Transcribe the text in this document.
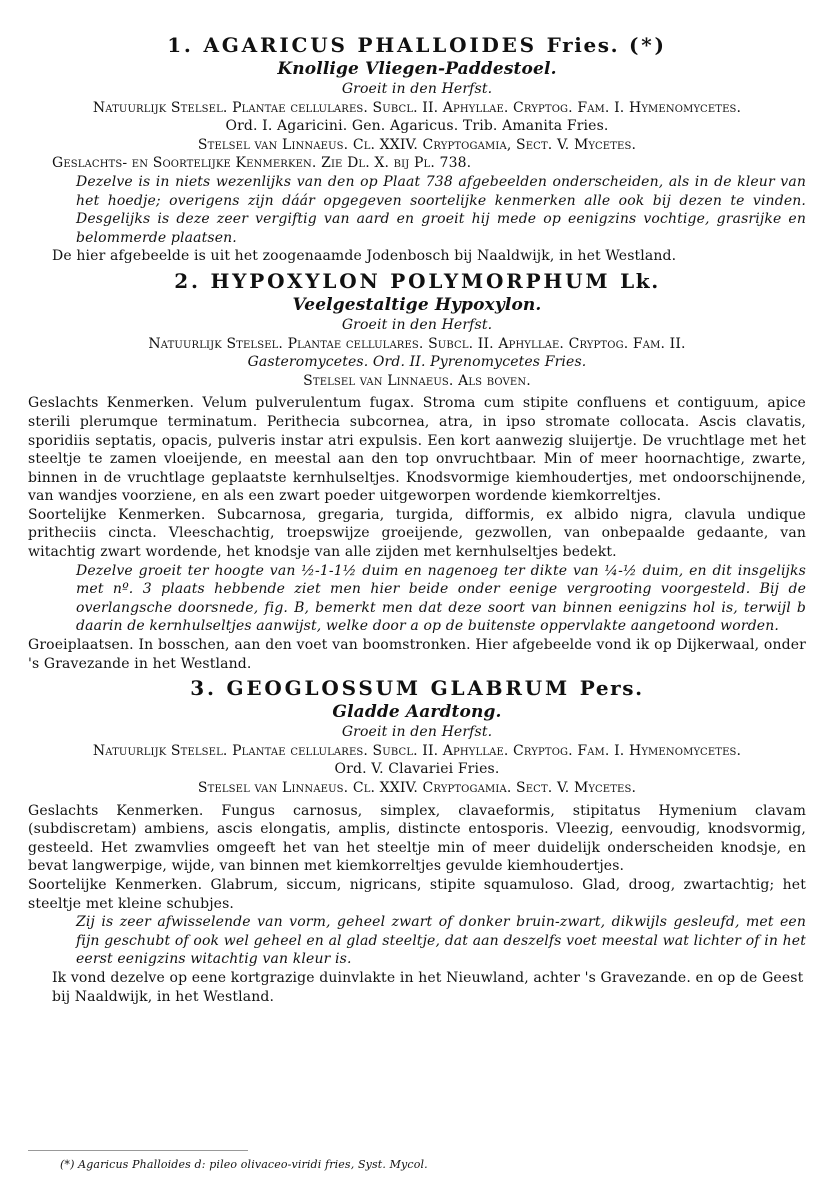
1. AGARICUS PHALLOIDES Fries. (*)
Knollige Vliegen-Paddestoel.
Groeit in den Herfst.
Natuurlijk Stelsel. Plantae cellulares. Subcl. II. Aphyllae. Cryptog. Fam. I. Hymenomycetes.
Ord. I. Agaricini. Gen. Agaricus. Trib. Amanita Fries.
Stelsel van Linnaeus. Cl. XXIV. Cryptogamia, Sect. V. Mycetes.
Geslachts- en Soortelijke Kenmerken. Zie Dl. X. bij Pl. 738.
Dezelve is in niets wezenlijks van den op Plaat 738 afgebeelden onderscheiden, als in de kleur van het hoedje; overigens zijn dáár opgegeven soortelijke kenmerken alle ook bij dezen te vinden. Desgelijks is deze zeer vergiftig van aard en groeit hij mede op eenigzins vochtige, grasrijke en belommerde plaatsen.
De hier afgebeelde is uit het zoogenaamde Jodenbosch bij Naaldwijk, in het Westland.
2. HYPOXYLON POLYMORPHUM Lk.
Veelgestaltige Hypoxylon.
Groeit in den Herfst.
Natuurlijk Stelsel. Plantae cellulares. Subcl. II. Aphyllae. Cryptog. Fam. II.
Gasteromycetes. Ord. II. Pyrenomycetes Fries.
Stelsel van Linnaeus. Als boven.
Geslachts Kenmerken. Velum pulverulentum fugax. Stroma cum stipite confluens et contiguum, apice sterili plerumque terminatum. Perithecia subcornea, atra, in ipso stromate collocata. Ascis clavatis, sporidiis septatis, opacis, pulveris instar atri expulsis. Een kort aanwezig sluijertje. De vruchtlage met het steeltje te zamen vloeijende, en meestal aan den top onvruchtbaar. Min of meer hoornachtige, zwarte, binnen in de vruchtlage geplaatste kernhulseltjes. Knodsvormige kiemhoudertjes, met ondoorschijnende, van wandjes voorziene, en als een zwart poeder uitgeworpen wordende kiemkorreltjes.
Soortelijke Kenmerken. Subcarnosa, gregaria, turgida, difformis, ex albido nigra, clavula undique pritheciis cincta. Vleeschachtig, troepswijze groeijende, gezwollen, van onbepaalde gedaante, van witachtig zwart wordende, het knodsje van alle zijden met kernhulseltjes bedekt.
Dezelve groeit ter hoogte van ½-1-1½ duim en nagenoeg ter dikte van ¼-½ duim, en dit insgelijks met nº. 3 plaats hebbende ziet men hier beide onder eenige vergrooting voorgesteld. Bij de overlangsche doorsnede, fig. B, bemerkt men dat deze soort van binnen eenigzins hol is, terwijl b daarin de kernhulseltjes aanwijst, welke door a op de buitenste oppervlakte aangetoond worden.
Groeiplaatsen. In bosschen, aan den voet van boomstronken. Hier afgebeelde vond ik op Dijkerwaal, onder 's Gravezande in het Westland.
3. GEOGLOSSUM GLABRUM Pers.
Gladde Aardtong.
Groeit in den Herfst.
Natuurlijk Stelsel. Plantae cellulares. Subcl. II. Aphyllae. Cryptog. Fam. I. Hymenomycetes.
Ord. V. Clavariei Fries.
Stelsel van Linnaeus. Cl. XXIV. Cryptogamia. Sect. V. Mycetes.
Geslachts Kenmerken. Fungus carnosus, simplex, clavaeformis, stipitatus Hymenium clavam (subdiscretam) ambiens, ascis elongatis, amplis, distincte entosporis. Vleezig, eenvoudig, knodsvormig, gesteeld. Het zwamvlies omgeeft het van het steeltje min of meer duidelijk onderscheiden knodsje, en bevat langwerpige, wijde, van binnen met kiemkorreltjes gevulde kiemhoudertjes.
Soortelijke Kenmerken. Glabrum, siccum, nigricans, stipite squamuloso. Glad, droog, zwartachtig; het steeltje met kleine schubjes.
Zij is zeer afwisselende van vorm, geheel zwart of donker bruin-zwart, dikwijls gesleufd, met een fijn geschubt of ook wel geheel en al glad steeltje, dat aan deszelfs voet meestal wat lichter of in het eerst eenigzins witachtig van kleur is.
Ik vond dezelve op eene kortgrazige duinvlakte in het Nieuwland, achter 's Gravezande. en op de Geest bij Naaldwijk, in het Westland.
(*) Agaricus Phalloides d: pileo olivaceo-viridi fries, Syst. Mycol.
